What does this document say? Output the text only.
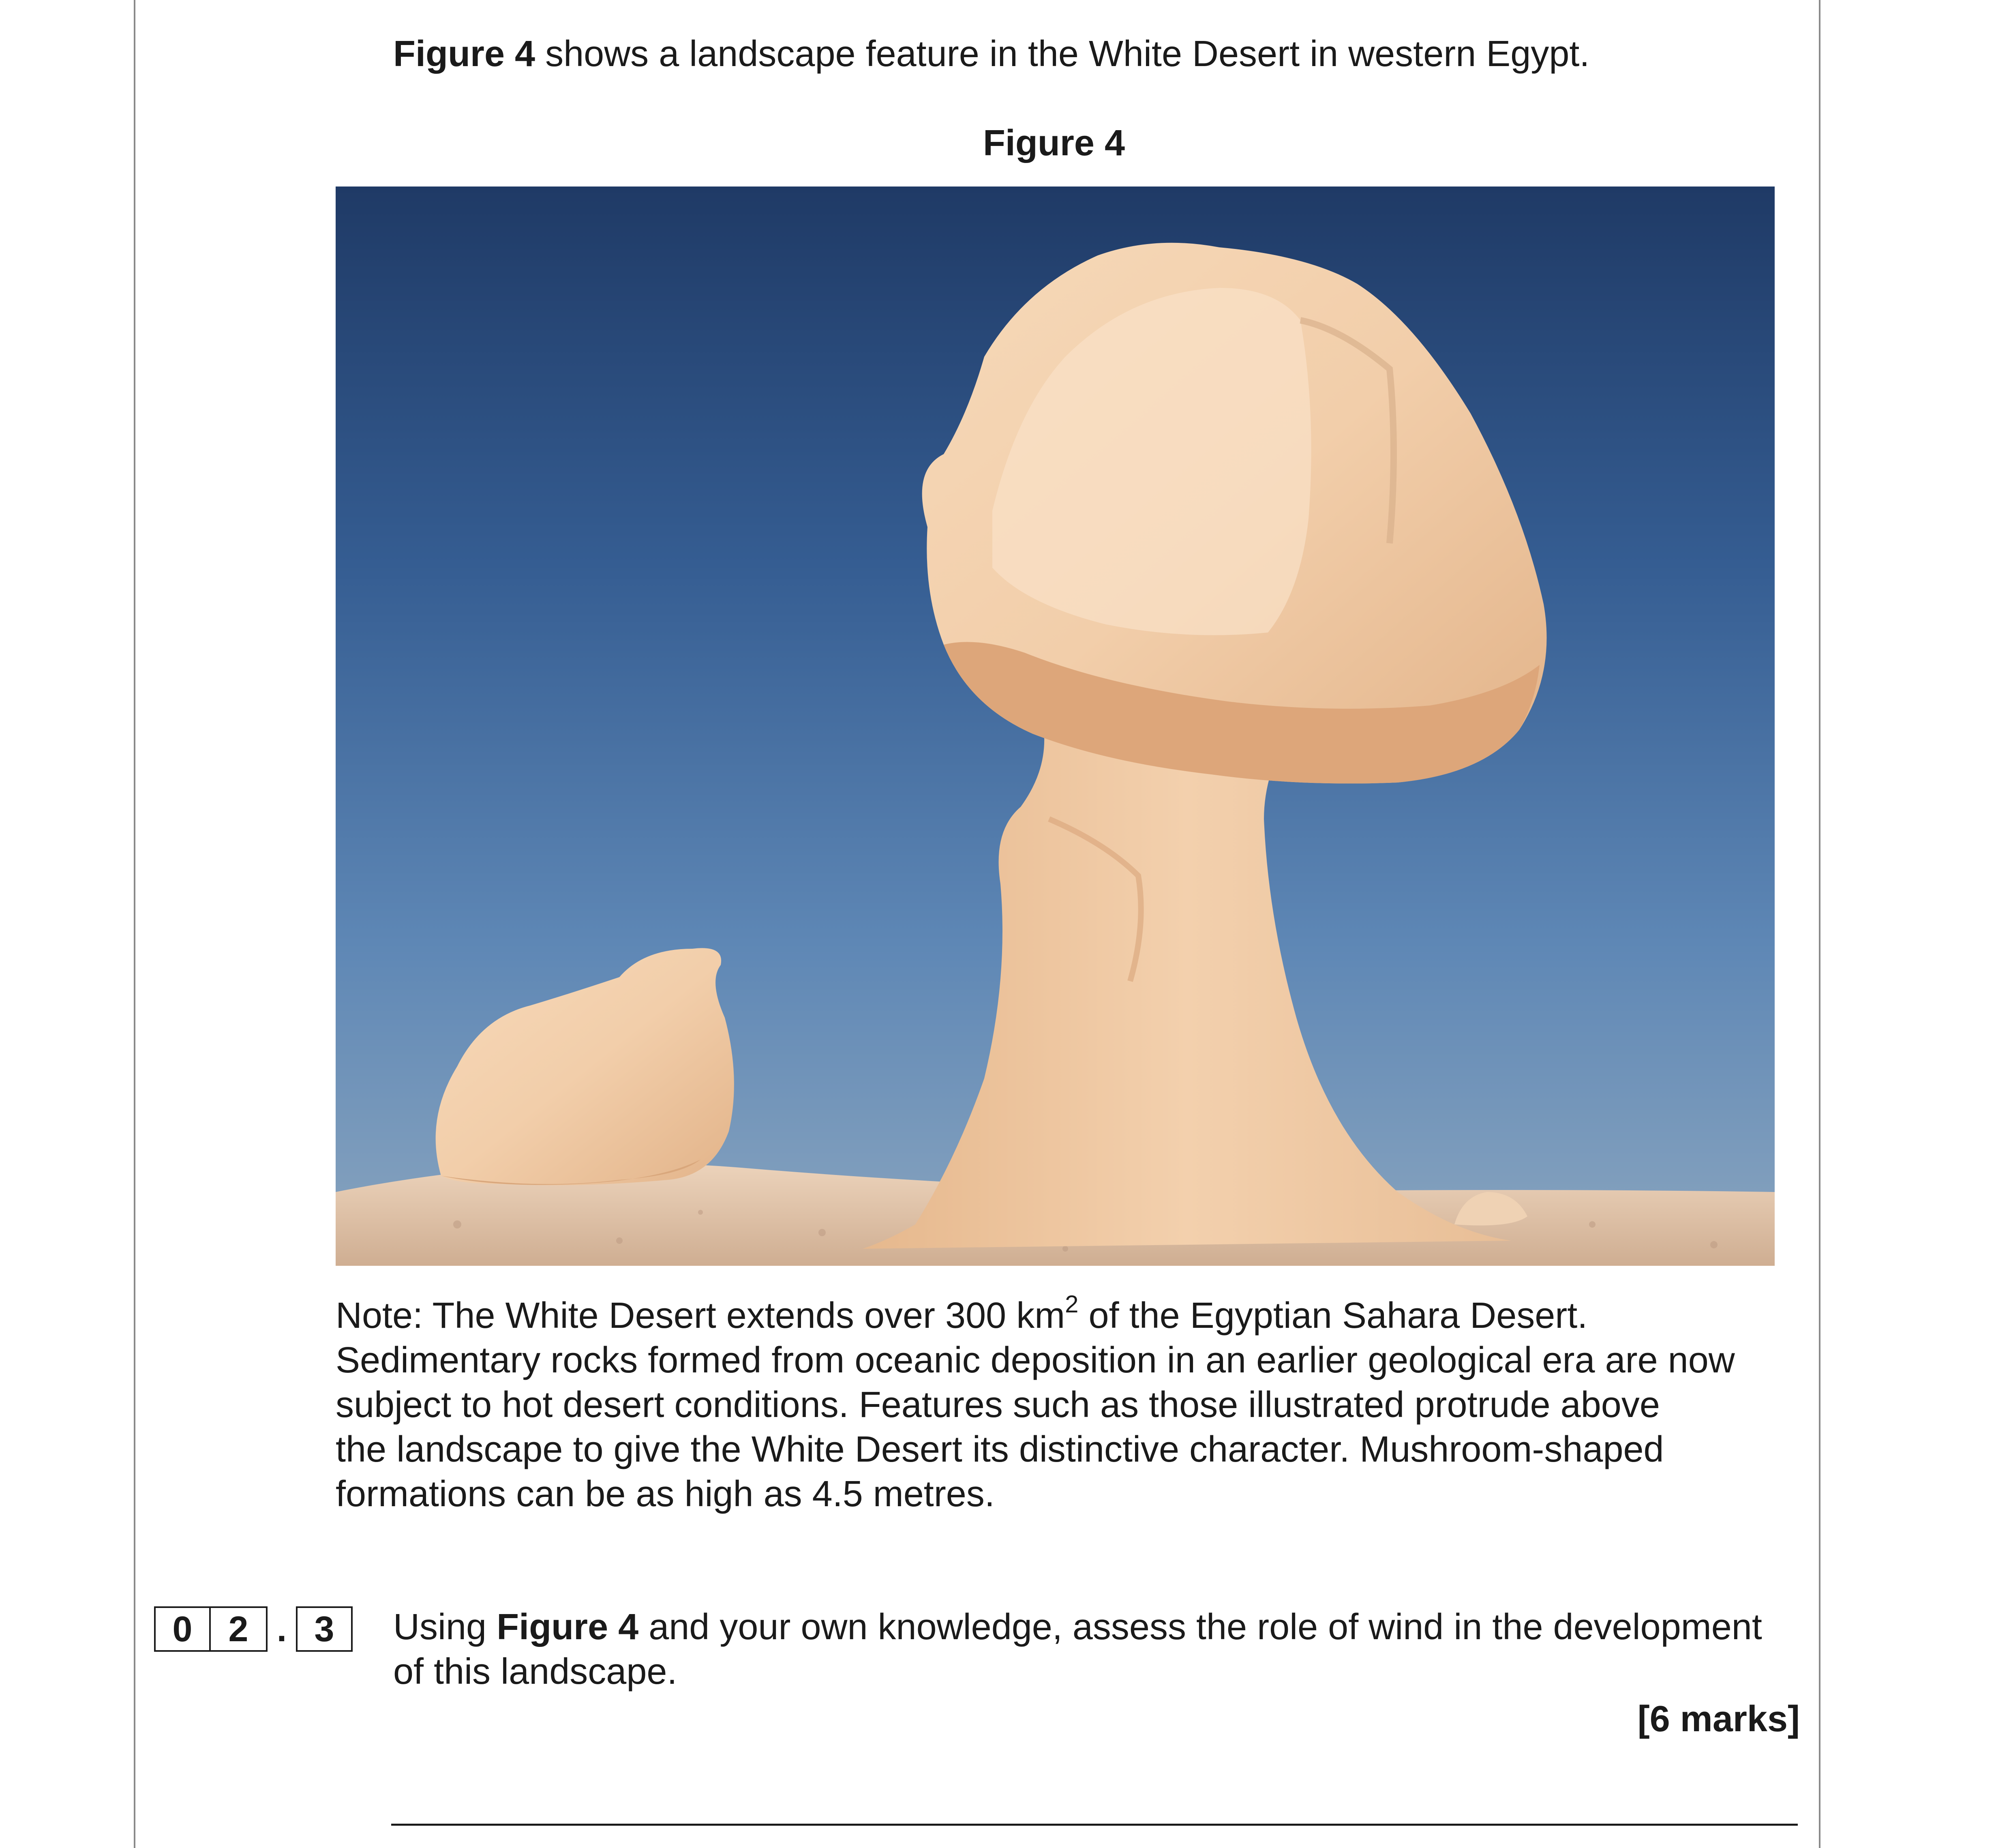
Figure 4 shows a landscape feature in the White Desert in western Egypt.
Figure 4

Note: The White Desert extends over 300 $km^2$ of the Egyptian Sahara Desert.

Sedimentary rocks formed from oceanic deposition in an earlier geological era are now

subject to hot desert conditions. Features such as those illustrated protrude above

the landscape to give the White Desert its distinctive character. Mushroom-shaped

formations can be as high as 4.5 metres.

0	2 . 3	Using Figure 4 and your own knowledge, assess the role of wind in the development

of this landscape.

[6 marks]
